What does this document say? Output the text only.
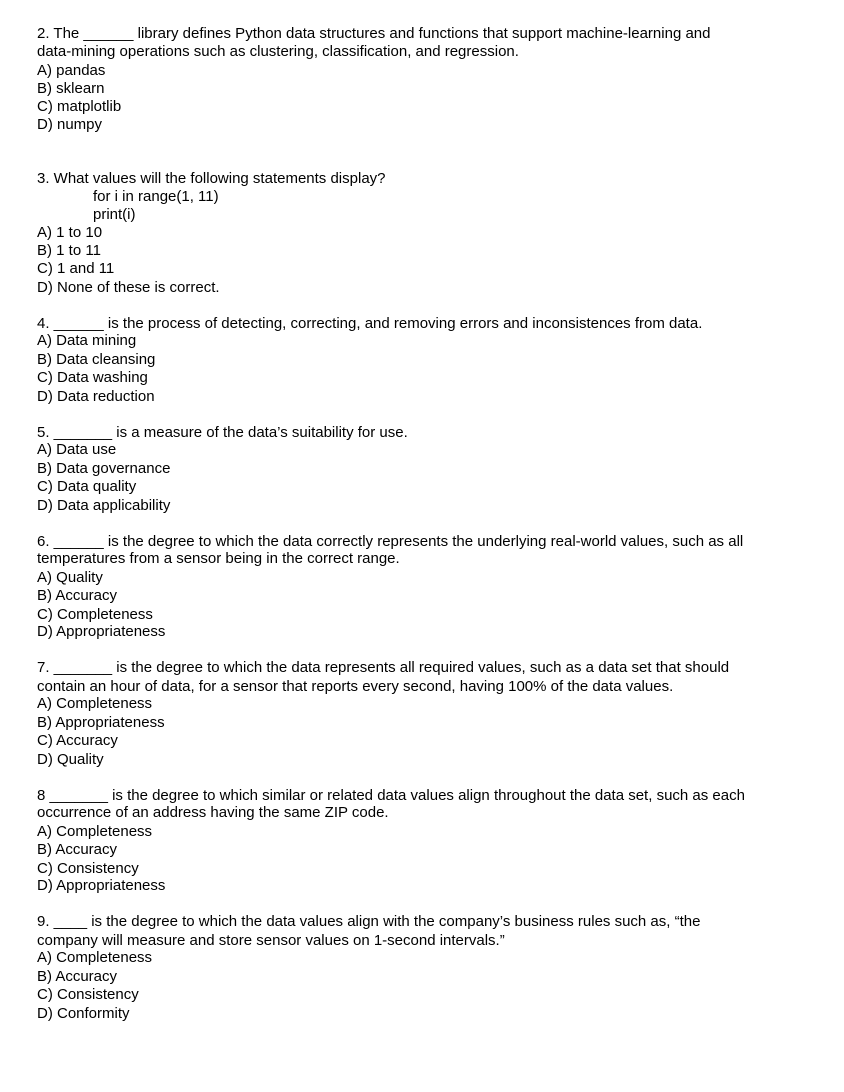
2. The ______ library defines Python data structures and functions that support machine-learning and
data-mining operations such as clustering, classification, and regression.
A) pandas
B) sklearn
C) matplotlib
D) numpy
3. What values will the following statements display?
for i in range(1, 11)
print(i)
A) 1 to 10
B) 1 to 11
C) 1 and 11
D) None of these is correct.
4. ______ is the process of detecting, correcting, and removing errors and inconsistences from data.
A) Data mining
B) Data cleansing
C) Data washing
D) Data reduction
5. _______ is a measure of the data’s suitability for use.
A) Data use
B) Data governance
C) Data quality
D) Data applicability
6. ______ is the degree to which the data correctly represents the underlying real-world values, such as all
temperatures from a sensor being in the correct range.
A) Quality
B) Accuracy
C) Completeness
D) Appropriateness
7. _______ is the degree to which the data represents all required values, such as a data set that should
contain an hour of data, for a sensor that reports every second, having 100% of the data values.
A) Completeness
B) Appropriateness
C) Accuracy
D) Quality
8 _______ is the degree to which similar or related data values align throughout the data set, such as each
occurrence of an address having the same ZIP code.
A) Completeness
B) Accuracy
C) Consistency
D) Appropriateness
9. ____ is the degree to which the data values align with the company’s business rules such as, “the
company will measure and store sensor values on 1-second intervals.”
A) Completeness
B) Accuracy
C) Consistency
D) Conformity
